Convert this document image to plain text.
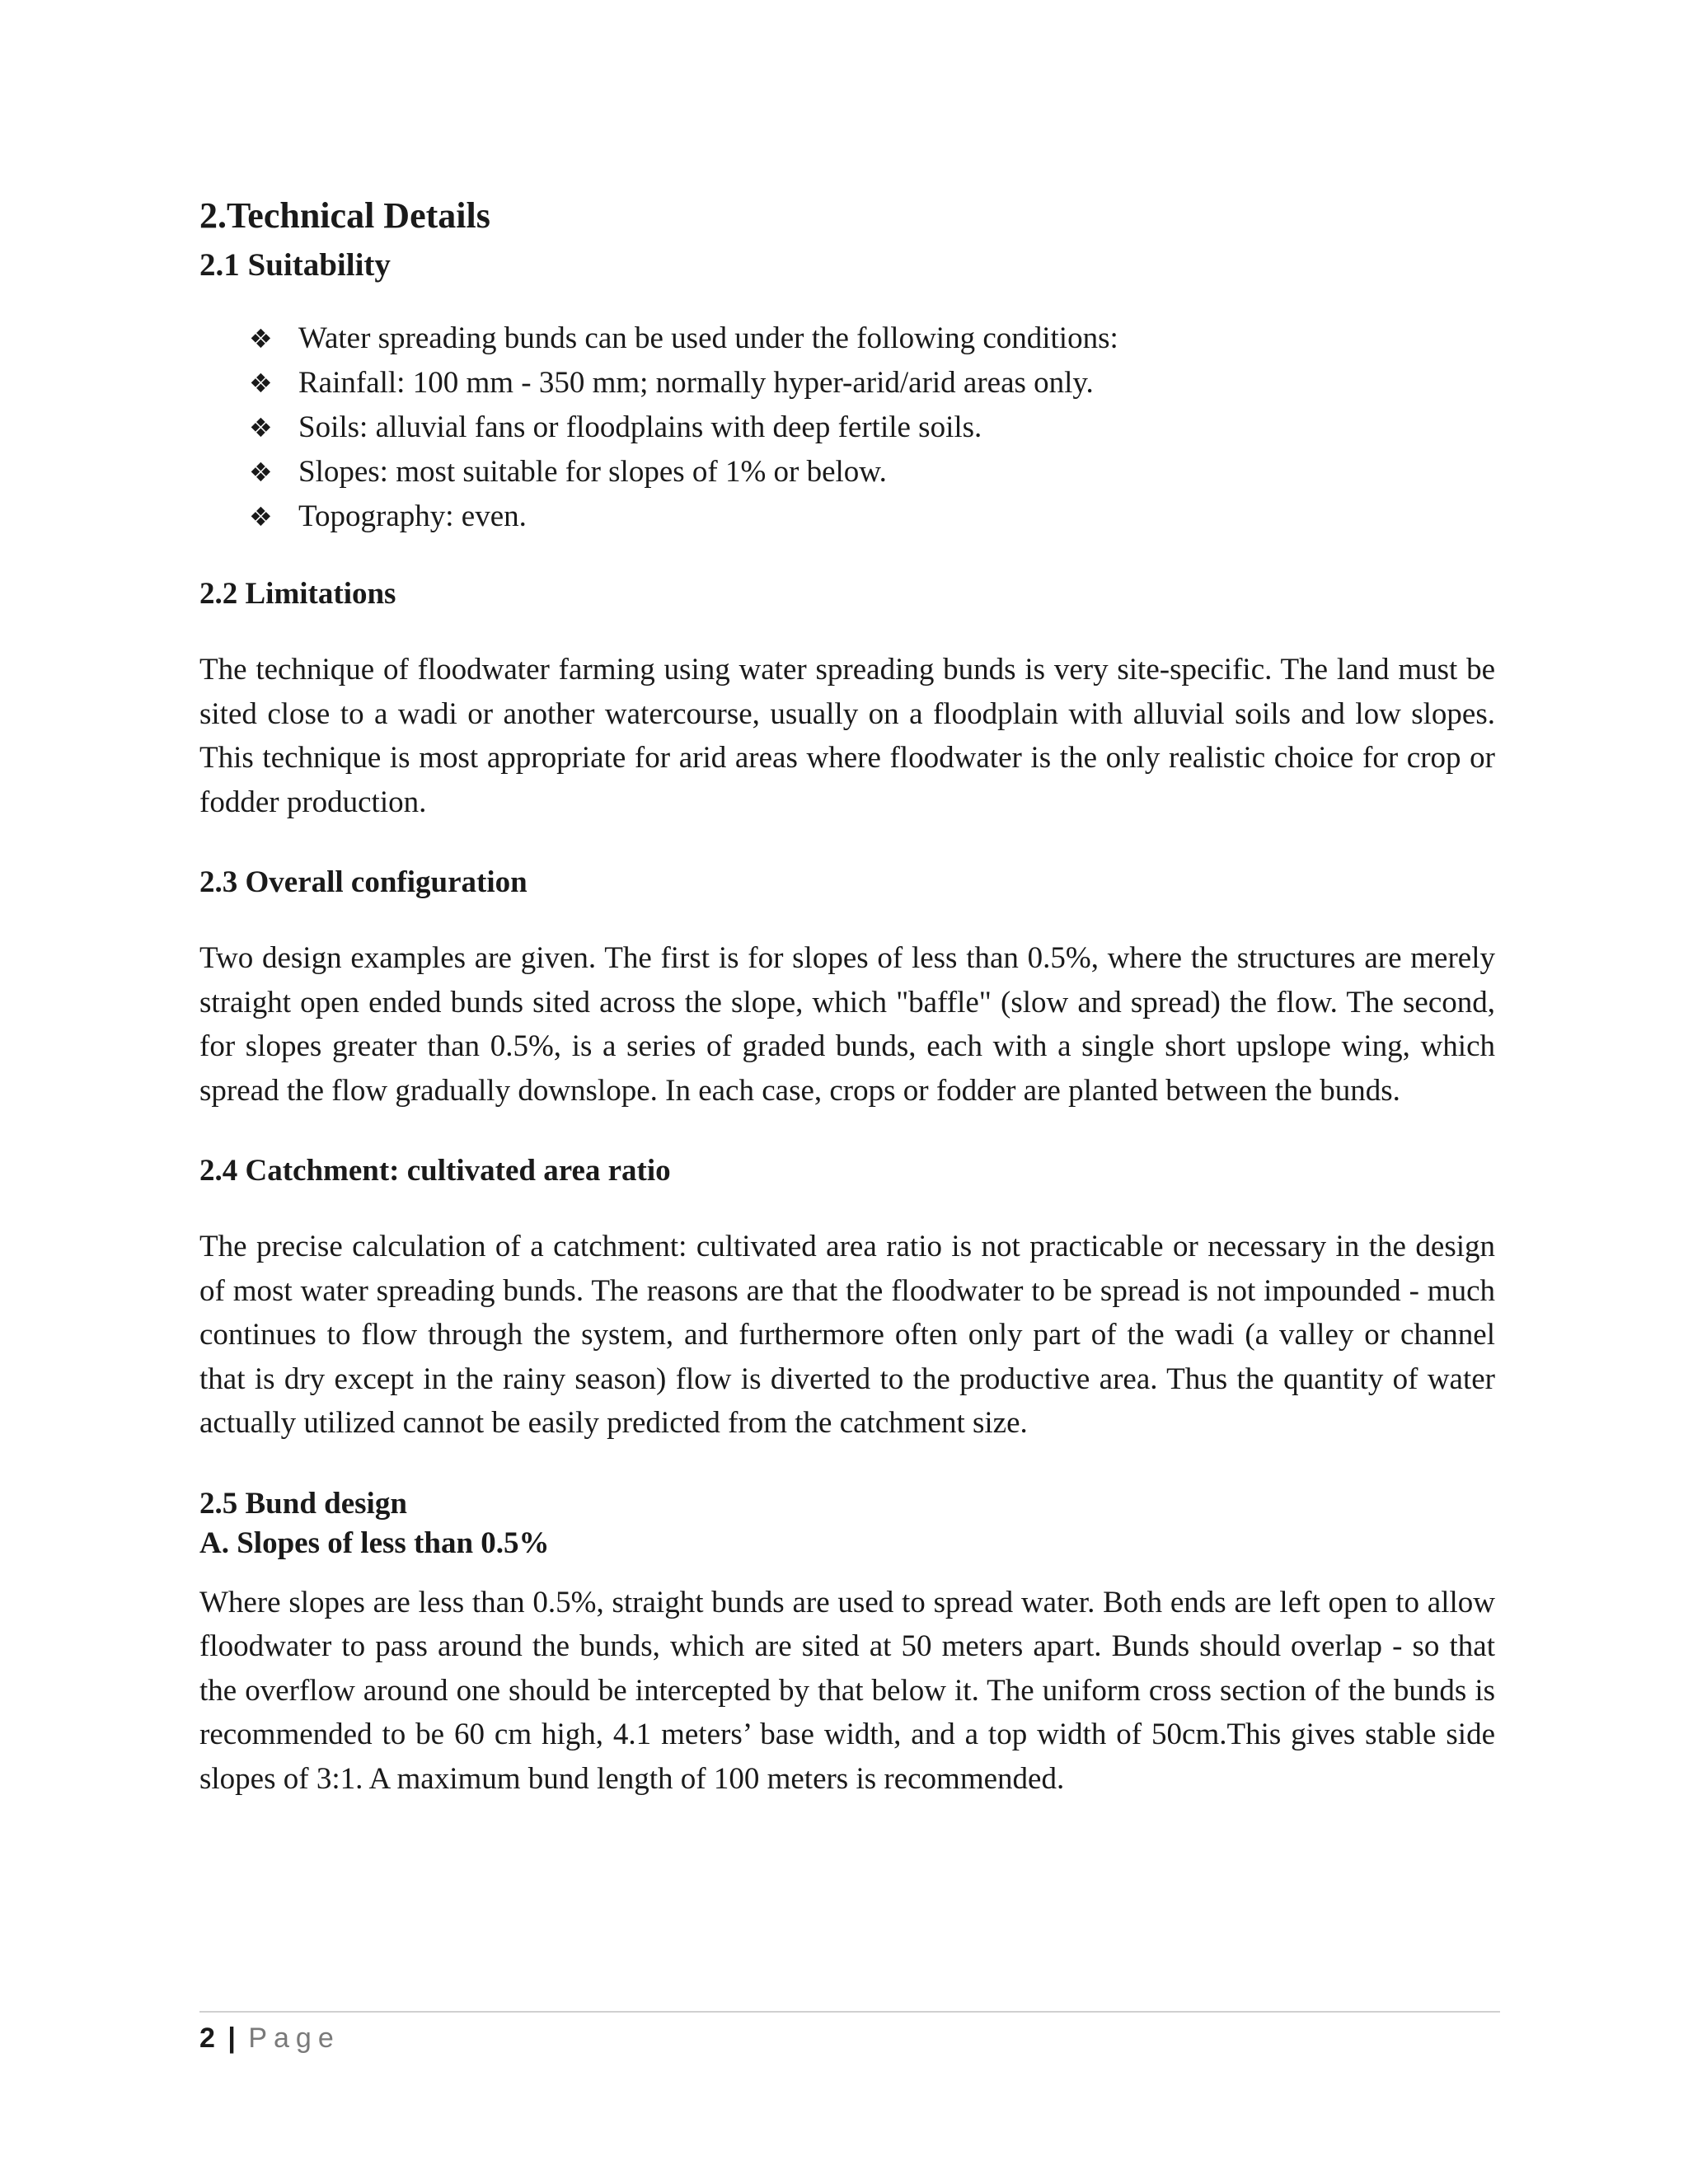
2.Technical Details
2.1 Suitability
❖ Water spreading bunds can be used under the following conditions:
❖ Rainfall: 100 mm - 350 mm; normally hyper-arid/arid areas only.
❖ Soils: alluvial fans or floodplains with deep fertile soils.
❖ Slopes: most suitable for slopes of 1% or below.
❖ Topography: even.
2.2 Limitations

The technique of floodwater farming using water spreading bunds is very site-specific. The land must be sited close to a wadi or another watercourse, usually on a floodplain with alluvial soils and low slopes. This technique is most appropriate for arid areas where floodwater is the only realistic choice for crop or fodder production.

2.3 Overall configuration

Two design examples are given. The first is for slopes of less than 0.5%, where the structures are merely straight open ended bunds sited across the slope, which "baffle" (slow and spread) the flow. The second, for slopes greater than 0.5%, is a series of graded bunds, each with a single short upslope wing, which spread the flow gradually downslope. In each case, crops or fodder are planted between the bunds.

2.4 Catchment: cultivated area ratio

The precise calculation of a catchment: cultivated area ratio is not practicable or necessary in the design of most water spreading bunds. The reasons are that the floodwater to be spread is not impounded - much continues to flow through the system, and furthermore often only part of the wadi (a valley or channel that is dry except in the rainy season) flow is diverted to the productive area. Thus the quantity of water actually utilized cannot be easily predicted from the catchment size.

2.5 Bund design
A. Slopes of less than 0.5%

Where slopes are less than 0.5%, straight bunds are used to spread water. Both ends are left open to allow floodwater to pass around the bunds, which are sited at 50 meters apart. Bunds should overlap - so that the overflow around one should be intercepted by that below it. The uniform cross section of the bunds is recommended to be 60 cm high, 4.1 meters’ base width, and a top width of 50cm.This gives stable side slopes of 3:1. A maximum bund length of 100 meters is recommended.

2 | Page
